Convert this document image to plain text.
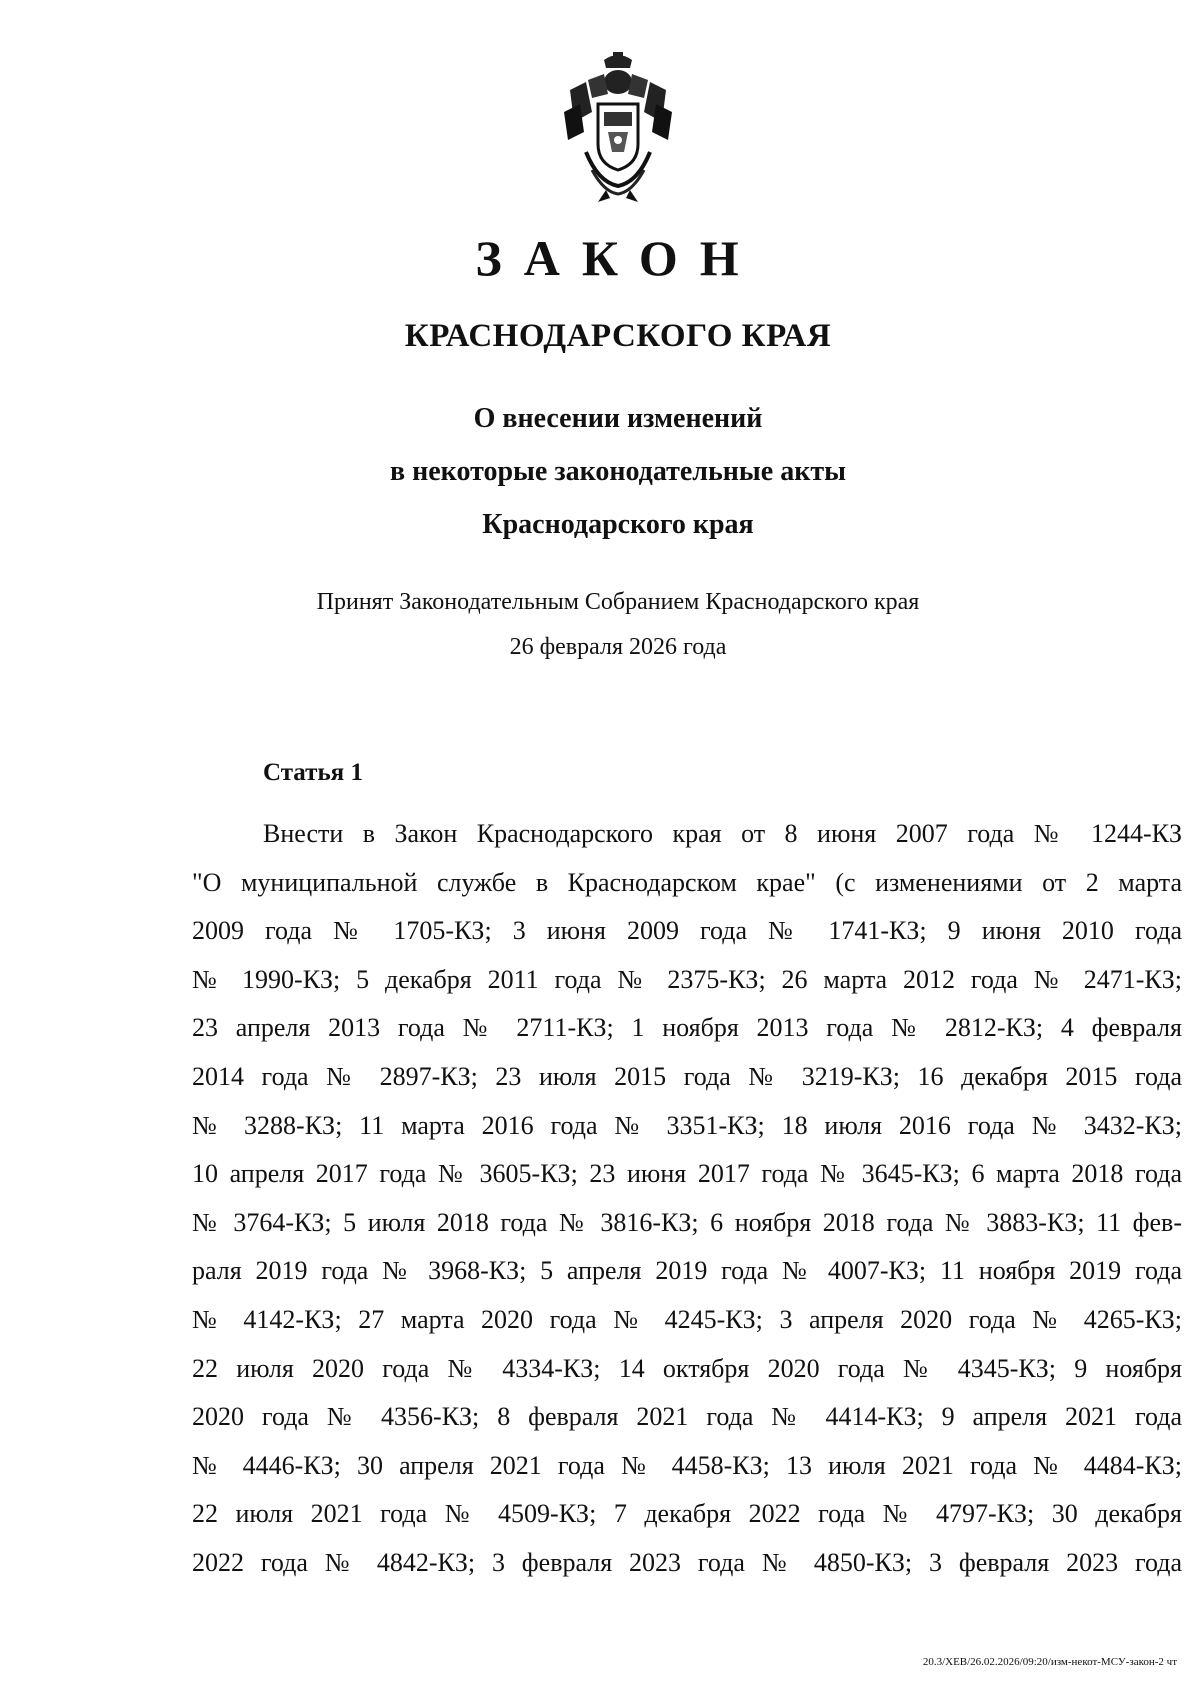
ЗАКОН
КРАСНОДАРСКОГО КРАЯ
О внесении изменений
в некоторые законодательные акты
Краснодарского края
Принят Законодательным Собранием Краснодарского края
26 февраля 2026 года
Статья 1
Внести в Закон Краснодарского края от 8 июня 2007 года № 1244-КЗ
"О муниципальной службе в Краснодарском крае" (с изменениями от 2 марта
2009 года № 1705-КЗ; 3 июня 2009 года № 1741-КЗ; 9 июня 2010 года
№ 1990-КЗ; 5 декабря 2011 года № 2375-КЗ; 26 марта 2012 года № 2471-КЗ;
23 апреля 2013 года № 2711-КЗ; 1 ноября 2013 года № 2812-КЗ; 4 февраля
2014 года № 2897-КЗ; 23 июля 2015 года № 3219-КЗ; 16 декабря 2015 года
№ 3288-КЗ; 11 марта 2016 года № 3351-КЗ; 18 июля 2016 года № 3432-КЗ;
10 апреля 2017 года № 3605-КЗ; 23 июня 2017 года № 3645-КЗ; 6 марта 2018 года
№ 3764-КЗ; 5 июля 2018 года № 3816-КЗ; 6 ноября 2018 года № 3883-КЗ; 11 фев-
раля 2019 года № 3968-КЗ; 5 апреля 2019 года № 4007-КЗ; 11 ноября 2019 года
№ 4142-КЗ; 27 марта 2020 года № 4245-КЗ; 3 апреля 2020 года № 4265-КЗ;
22 июля 2020 года № 4334-КЗ; 14 октября 2020 года № 4345-КЗ; 9 ноября
2020 года № 4356-КЗ; 8 февраля 2021 года № 4414-КЗ; 9 апреля 2021 года
№ 4446-КЗ; 30 апреля 2021 года № 4458-КЗ; 13 июля 2021 года № 4484-КЗ;
22 июля 2021 года № 4509-КЗ; 7 декабря 2022 года № 4797-КЗ; 30 декабря
2022 года № 4842-КЗ; 3 февраля 2023 года № 4850-КЗ; 3 февраля 2023 года
20.3/ХЕВ/26.02.2026/09:20/изм-некот-МСУ-закон-2 чт
